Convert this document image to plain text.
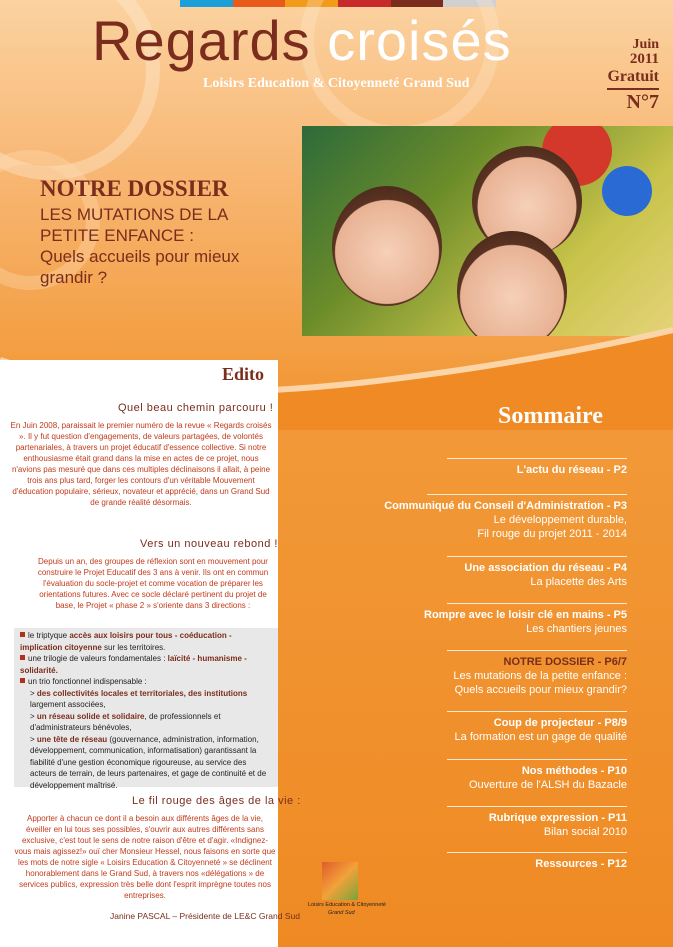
Regards croisés
Loisirs Education & Citoyenneté Grand Sud
Juin
2011
Gratuit
N°7
NOTRE DOSSIER
LES MUTATIONS DE LA
PETITE ENFANCE :
Quels accueils pour mieux
grandir ?
Edito
Quel beau chemin parcouru !
En Juin 2008, paraissait le premier numéro de la revue « Regards croisés ». Il y fut question d'engagements, de valeurs partagées, de volontés partenariales, à travers un projet éducatif d'essence collective. Si notre enthousiasme était grand dans la mise en actes de ce projet, nous n'avions pas mesuré que dans ces multiples déclinaisons il allait, à peine trois ans plus tard, forger les contours d'un véritable Mouvement d'éducation populaire, sérieux, novateur et apprécié, dans un Grand Sud de grande réalité désormais.
Vers un nouveau rebond !
Depuis un an, des groupes de réflexion sont en mouvement pour construire le Projet Educatif des 3 ans à venir. Ils ont en commun l'évaluation du socle-projet et comme vocation de préparer les orientations futures. Avec ce socle déclaré pertinent du projet de base, le Projet « phase 2 » s'oriente dans 3 directions :
le triptyque accès aux loisirs pour tous - coéducation - implication citoyenne sur les territoires.
une trilogie de valeurs fondamentales : laïcité - humanisme - solidarité.
un trio fonctionnel indispensable :
> des collectivités locales et territoriales, des institutions largement associées,
> un réseau solide et solidaire, de professionnels et d'administrateurs bénévoles,
> une tête de réseau (gouvernance, administration, information, développement, communication, informatisation) garantissant la fiabilité d'une gestion économique rigoureuse, au service des acteurs de terrain, de leurs partenaires, et gage de continuité et de développement maîtrisé.
Le fil rouge des âges de la vie :
Apporter à chacun ce dont il a besoin aux différents âges de la vie, éveiller en lui tous ses possibles, s'ouvrir aux autres différents sans exclusive, c'est tout le sens de notre raison d'être et d'agir. «Indignez-vous mais agissez!» ouï cher Monsieur Hessel, nous faisons en sorte que les mots de notre sigle « Loisirs Education & Citoyenneté » se déclinent honorablement dans le Grand Sud, à travers nos «délégations » de services publics, expression très belle dont l'esprit imprègne toutes nos entreprises.
Janine PASCAL – Présidente de LE&C Grand Sud
Loisirs Education & Citoyenneté
Grand Sud
Sommaire
L'actu du réseau - P2
Communiqué du Conseil d'Administration - P3
Le développement durable,
Fil rouge du projet 2011 - 2014
Une association du réseau - P4
La placette des Arts
Rompre avec le loisir clé en mains - P5
Les chantiers jeunes
NOTRE DOSSIER - P6/7
Les mutations de la petite enfance :
Quels accueils pour mieux grandir?
Coup de projecteur - P8/9
La formation est un gage de qualité
Nos méthodes - P10
Ouverture de l'ALSH du Bazacle
Rubrique expression - P11
Bilan social 2010
Ressources - P12
